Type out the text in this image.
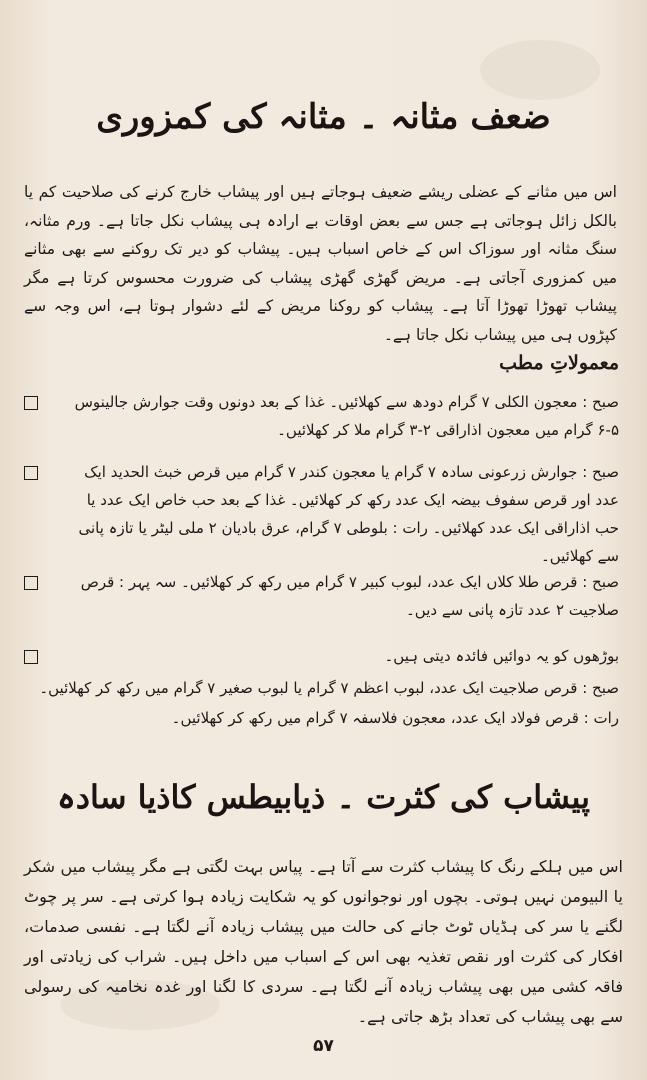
ضعف مثانہ ۔ مثانہ کی کمزوری
اس میں مثانے کے عضلی ریشے ضعیف ہوجاتے ہیں اور پیشاب خارج کرنے کی صلاحیت کم یا بالکل زائل ہوجاتی ہے جس سے بعض اوقات بے ارادہ ہی پیشاب نکل جاتا ہے۔ ورم مثانہ، سنگ مثانہ اور سوزاک اس کے خاص اسباب ہیں۔ پیشاب کو دیر تک روکنے سے بھی مثانے میں کمزوری آجاتی ہے۔ مریض گھڑی گھڑی پیشاب کی ضرورت محسوس کرتا ہے مگر پیشاب تھوڑا تھوڑا آتا ہے۔ پیشاب کو روکنا مریض کے لئے دشوار ہوتا ہے، اس وجہ سے کپڑوں ہی میں پیشاب نکل جاتا ہے۔
معمولاتِ مطب
صبح : معجون الکلی ۷ گرام دودھ سے کھلائیں۔ غذا کے بعد دونوں وقت جوارش جالینوس ۵-۶ گرام میں معجون اذاراقی ۲-۳ گرام ملا کر کھلائیں۔
صبح : جوارش زرعونی سادہ ۷ گرام یا معجون کندر ۷ گرام میں قرص خبث الحدید ایک عدد اور قرص سفوف بیضہ ایک عدد رکھ کر کھلائیں۔ غذا کے بعد حب خاص ایک عدد یا حب اذاراقی ایک عدد کھلائیں۔ رات : بلوطی ۷ گرام، عرق بادیان ۲ ملی لیٹر یا تازہ پانی سے کھلائیں۔
صبح : قرص طلا کلاں ایک عدد، لبوب کبیر ۷ گرام میں رکھ کر کھلائیں۔ سہ پہر : قرص صلاجیت ۲ عدد تازہ پانی سے دیں۔
بوڑھوں کو یہ دوائیں فائدہ دیتی ہیں۔
صبح : قرص صلاجیت ایک عدد، لبوب اعظم ۷ گرام یا لبوب صغیر ۷ گرام میں رکھ کر کھلائیں۔
رات : قرص فولاد ایک عدد، معجون فلاسفہ ۷ گرام میں رکھ کر کھلائیں۔
پیشاب کی کثرت ۔ ذیابیطس کاذیا سادہ
اس میں ہلکے رنگ کا پیشاب کثرت سے آتا ہے۔ پیاس بہت لگتی ہے مگر پیشاب میں شکر یا البیومن نہیں ہوتی۔ بچوں اور نوجوانوں کو یہ شکایت زیادہ ہوا کرتی ہے۔ سر پر چوٹ لگنے یا سر کی ہڈیاں ٹوٹ جانے کی حالت میں پیشاب زیادہ آنے لگتا ہے۔ نفسی صدمات، افکار کی کثرت اور نقص تغذیہ بھی اس کے اسباب میں داخل ہیں۔ شراب کی زیادتی اور فاقہ کشی میں بھی پیشاب زیادہ آنے لگتا ہے۔ سردی کا لگنا اور غدہ نخامیہ کی رسولی سے بھی پیشاب کی تعداد بڑھ جاتی ہے۔
۵۷
